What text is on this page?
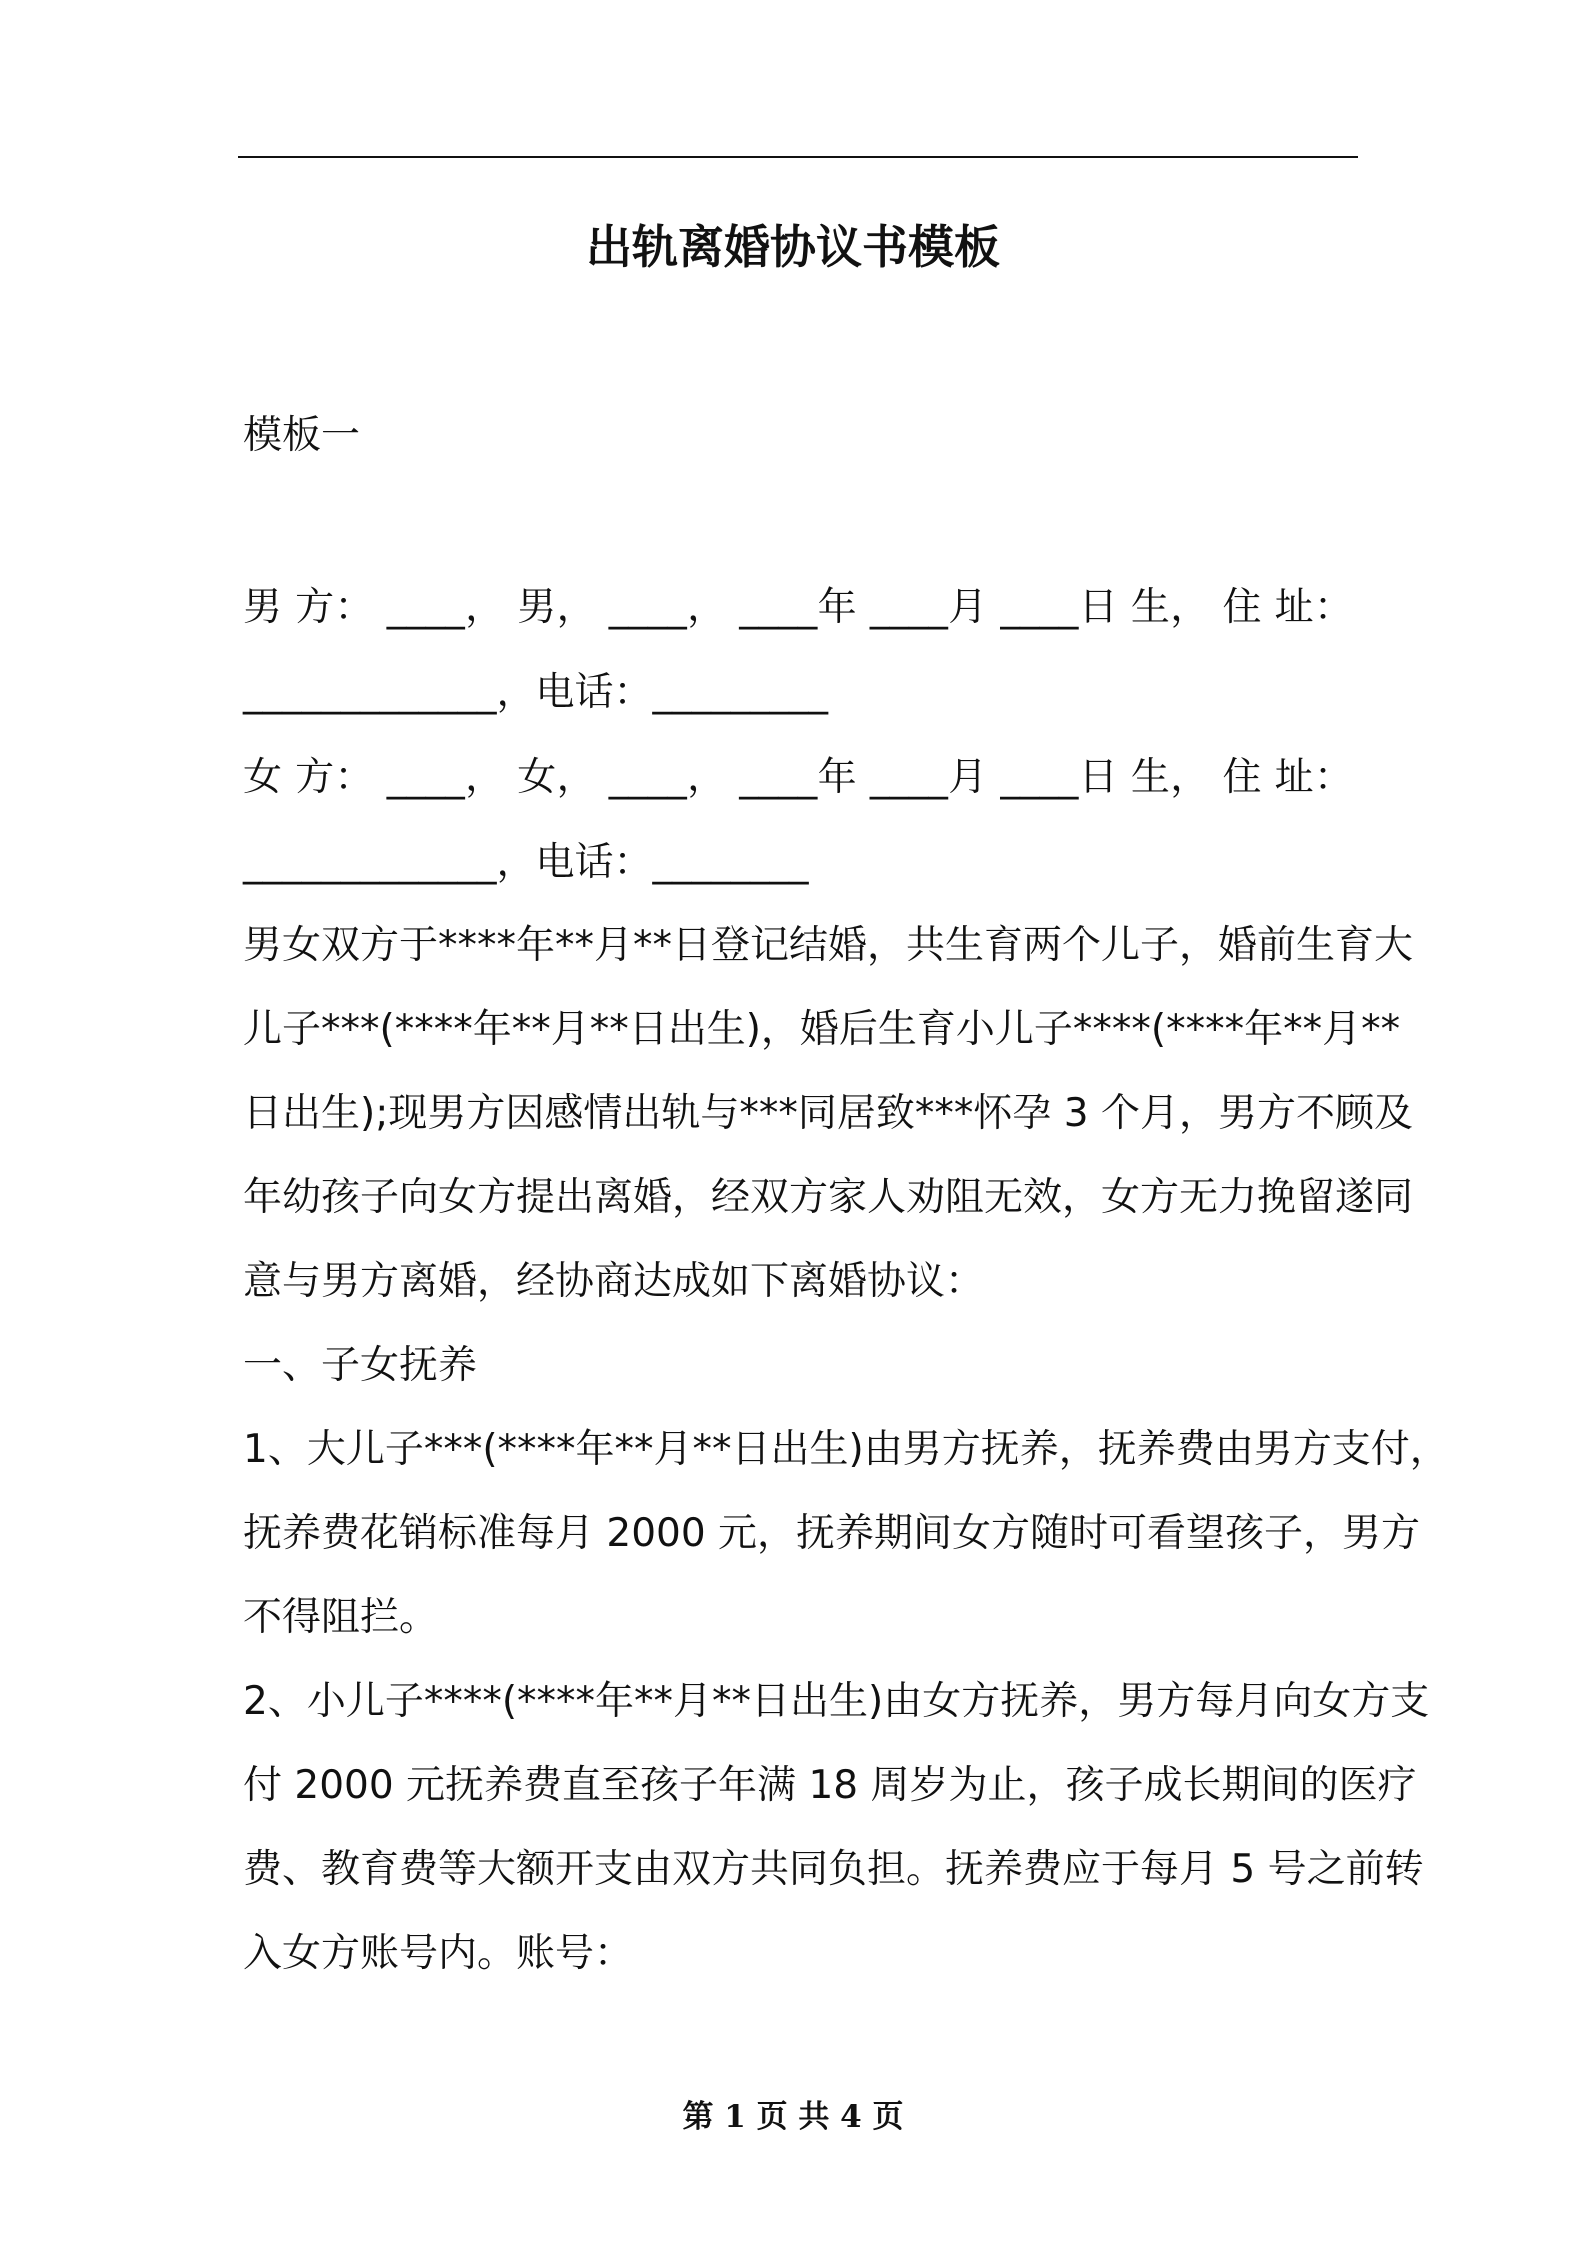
出轨离婚协议书模板

模板一

男 方： ____， 男， ____， ____年 ____月 ____日 生， 住 址：

_____________，电话：_________

女 方： ____， 女， ____， ____年 ____月 ____日 生， 住 址：

_____________，电话：________

男女双方于****年**月**日登记结婚，共生育两个儿子，婚前生育大

儿子***(****年**月**日出生)，婚后生育小儿子****(****年**月**

日出生);现男方因感情出轨与***同居致***怀孕 3 个月，男方不顾及

年幼孩子向女方提出离婚，经双方家人劝阻无效，女方无力挽留遂同

意与男方离婚，经协商达成如下离婚协议：

一、子女抚养

1、大儿子***(****年**月**日出生)由男方抚养，抚养费由男方支付，

抚养费花销标准每月 2000 元，抚养期间女方随时可看望孩子，男方

不得阻拦。

2、小儿子****(****年**月**日出生)由女方抚养，男方每月向女方支

付 2000 元抚养费直至孩子年满 18 周岁为止，孩子成长期间的医疗

费、教育费等大额开支由双方共同负担。抚养费应于每月 5 号之前转

入女方账号内。账号：

第 1 页 共 4 页
